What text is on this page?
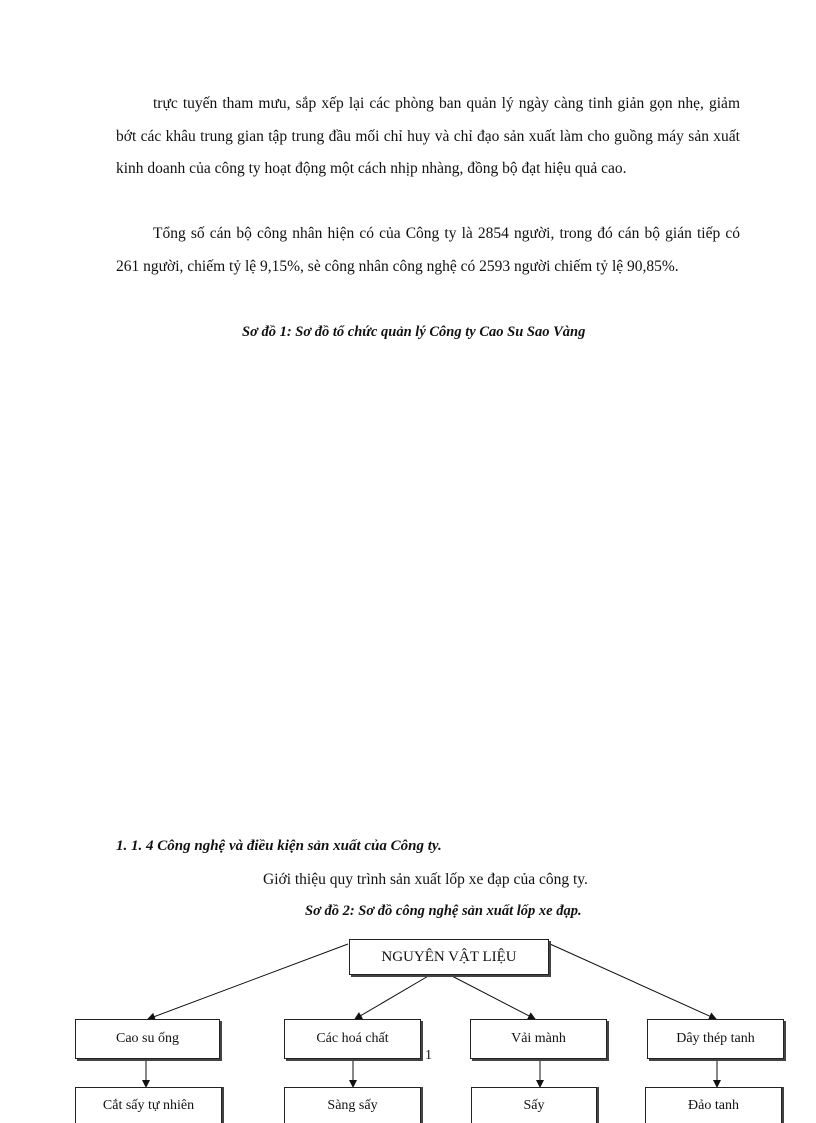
trực tuyến tham mưu, sắp xếp lại các phòng ban quản lý ngày càng tinh giản gọn nhẹ, giảm bớt các khâu trung gian tập trung đầu mối chỉ huy và chỉ đạo sản xuất làm cho guồng máy sản xuất kinh doanh của công ty hoạt động một cách nhịp nhàng, đồng bộ đạt hiệu quả cao.

Tổng số cán bộ công nhân hiện có của Công ty là 2854 người, trong đó cán bộ gián tiếp có 261 người, chiếm tỷ lệ 9,15%, sè công nhân công nghệ có 2593 người chiếm tỷ lệ 90,85%.

Sơ đồ 1: Sơ đồ tổ chức quản lý Công ty Cao Su Sao Vàng
1. 1. 4 Công nghệ và điều kiện sản xuất của Công ty.
Giới thiệu quy trình sản xuất lốp xe đạp của công ty.
Sơ đồ 2: Sơ đồ công nghệ sản xuất lốp xe đạp.
NGUYÊN VẬT LIỆU
Cao su ống	Các hoá chất	Vải mành	Dây thép tanh
1
Cắt sấy tự nhiên	Sàng sấy	Sấy	Đảo tanh
